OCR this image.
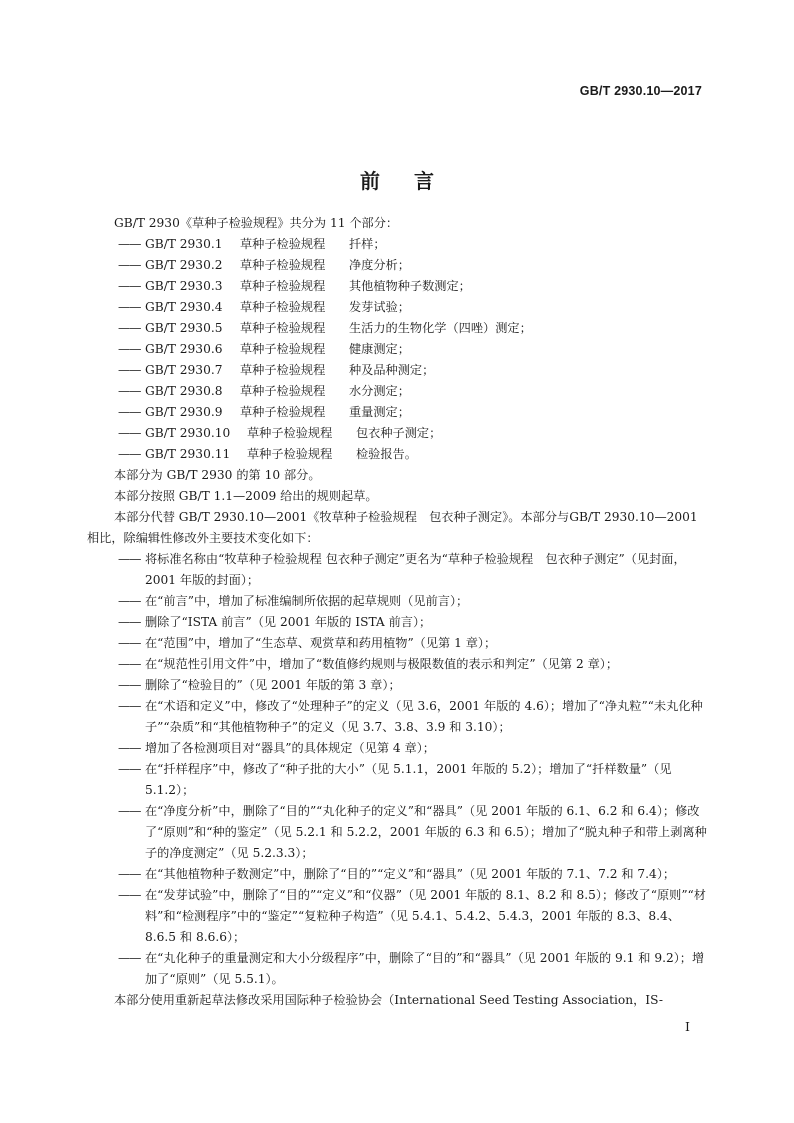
GB/T 2930.10—2017
前言

GB/T 2930《草种子检验规程》共分为 11 个部分：

—— GB/T 2930.1 草种子检验规程 扦样；
—— GB/T 2930.2 草种子检验规程 净度分析；
—— GB/T 2930.3 草种子检验规程 其他植物种子数测定；
—— GB/T 2930.4 草种子检验规程 发芽试验；
—— GB/T 2930.5 草种子检验规程 生活力的生物化学（四唑）测定；
—— GB/T 2930.6 草种子检验规程 健康测定；
—— GB/T 2930.7 草种子检验规程 种及品种测定；
—— GB/T 2930.8 草种子检验规程 水分测定；
—— GB/T 2930.9 草种子检验规程 重量测定；
—— GB/T 2930.10 草种子检验规程 包衣种子测定；
—— GB/T 2930.11 草种子检验规程 检验报告。

本部分为 GB/T 2930 的第 10 部分。

本部分按照 GB/T 1.1—2009 给出的规则起草。

本部分代替 GB/T 2930.10—2001《牧草种子检验规程　包衣种子测定》。本部分与GB/T 2930.10—2001 相比，除编辑性修改外主要技术变化如下：

—— 将标准名称由“牧草种子检验规程 包衣种子测定”更名为“草种子检验规程　包衣种子测定”（见封面，2001 年版的封面）；
—— 在“前言”中，增加了标准编制所依据的起草规则（见前言）；
—— 删除了“ISTA 前言”（见 2001 年版的 ISTA 前言）；
—— 在“范围”中，增加了“生态草、观赏草和药用植物”（见第 1 章）；
—— 在“规范性引用文件”中，增加了“数值修约规则与极限数值的表示和判定”（见第 2 章）；
—— 删除了“检验目的”（见 2001 年版的第 3 章）；
—— 在“术语和定义”中，修改了“处理种子”的定义（见 3.6，2001 年版的 4.6）；增加了“净丸粒”“未丸化种子”“杂质”和“其他植物种子”的定义（见 3.7、3.8、3.9 和 3.10）；
—— 增加了各检测项目对“器具”的具体规定（见第 4 章）；
—— 在“扦样程序”中，修改了“种子批的大小”（见 5.1.1，2001 年版的 5.2）；增加了“扦样数量”（见 5.1.2）；
—— 在“净度分析”中，删除了“目的”“丸化种子的定义”和“器具”（见 2001 年版的 6.1、6.2 和 6.4）；修改了“原则”和“种的鉴定”（见 5.2.1 和 5.2.2，2001 年版的 6.3 和 6.5）；增加了“脱丸种子和带上剥离种子的净度测定”（见 5.2.3.3）；
—— 在“其他植物种子数测定”中，删除了“目的”“定义”和“器具”（见 2001 年版的 7.1、7.2 和 7.4）；
—— 在“发芽试验”中，删除了“目的”“定义”和“仪器”（见 2001 年版的 8.1、8.2 和 8.5）；修改了“原则”“材料”和“检测程序”中的“鉴定”“复粒种子构造”（见 5.4.1、5.4.2、5.4.3，2001 年版的 8.3、8.4、8.6.5 和 8.6.6）；
—— 在“丸化种子的重量测定和大小分级程序”中，删除了“目的”和“器具”（见 2001 年版的 9.1 和 9.2）；增加了“原则”（见 5.5.1）。

本部分使用重新起草法修改采用国际种子检验协会（International Seed Testing Association，IS-

I
